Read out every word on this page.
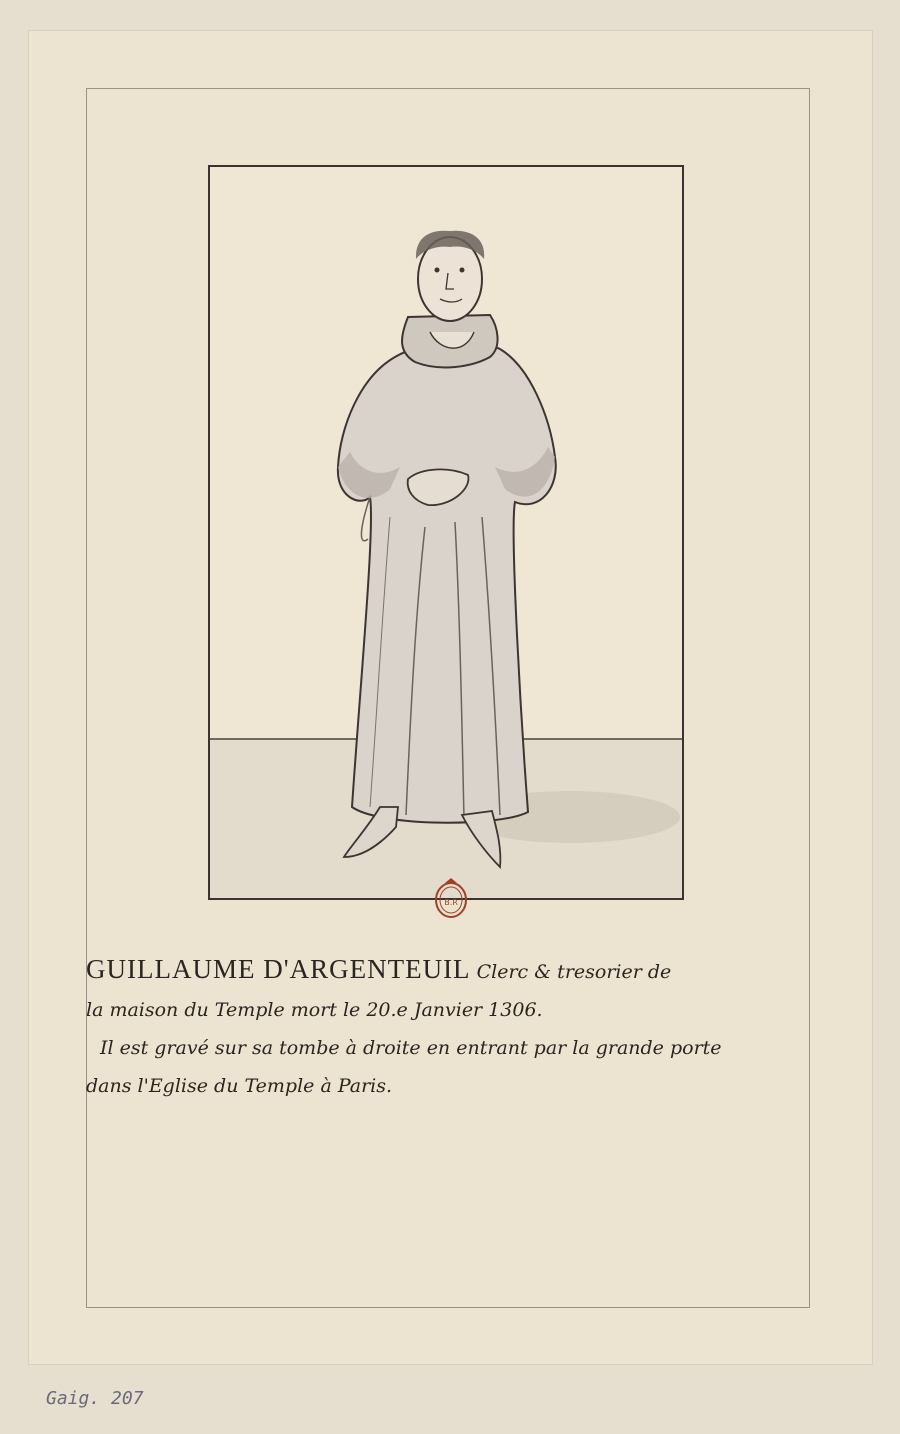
B.R
GUILLAUME D'ARGENTEUIL Clerc & tresorier de
la maison du Temple mort le 20.e Janvier 1306.
Il est gravé sur sa tombe à droite en entrant par la grande porte
dans l'Eglise du Temple à Paris.
Gaig. 207
